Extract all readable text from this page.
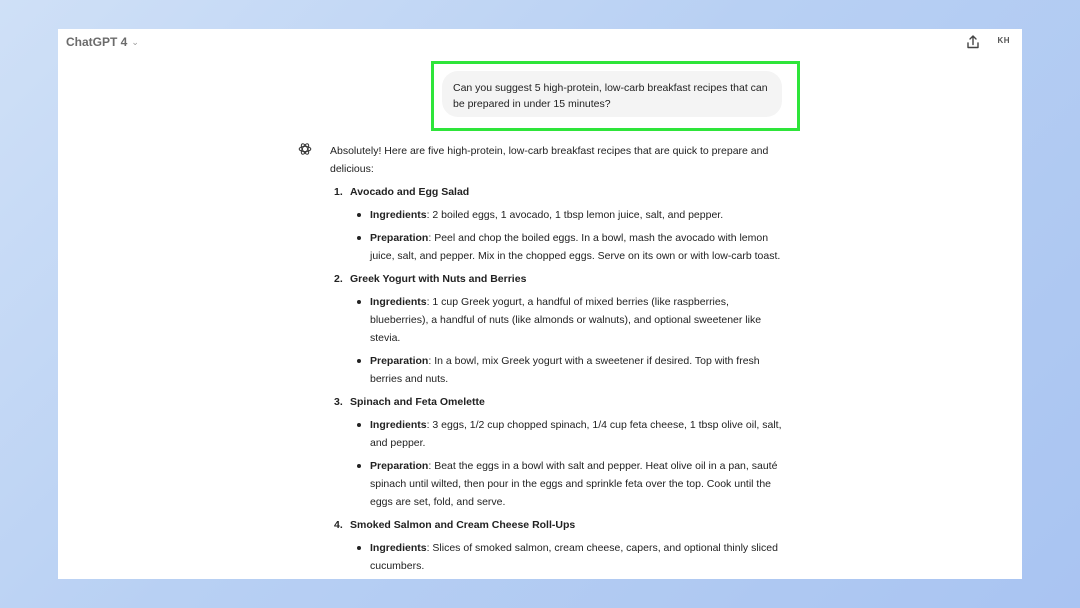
ChatGPT 4 ⌄	KH
Can you suggest 5 high-protein, low-carb breakfast recipes that can be prepared in under 15 minutes?
Absolutely! Here are five high-protein, low-carb breakfast recipes that are quick to prepare and delicious:
1. Avocado and Egg Salad
Ingredients: 2 boiled eggs, 1 avocado, 1 tbsp lemon juice, salt, and pepper.
Preparation: Peel and chop the boiled eggs. In a bowl, mash the avocado with lemon juice, salt, and pepper. Mix in the chopped eggs. Serve on its own or with low-carb toast.
2. Greek Yogurt with Nuts and Berries
Ingredients: 1 cup Greek yogurt, a handful of mixed berries (like raspberries, blueberries), a handful of nuts (like almonds or walnuts), and optional sweetener like stevia.
Preparation: In a bowl, mix Greek yogurt with a sweetener if desired. Top with fresh berries and nuts.
3. Spinach and Feta Omelette
Ingredients: 3 eggs, 1/2 cup chopped spinach, 1/4 cup feta cheese, 1 tbsp olive oil, salt, and pepper.
Preparation: Beat the eggs in a bowl with salt and pepper. Heat olive oil in a pan, sauté spinach until wilted, then pour in the eggs and sprinkle feta over the top. Cook until the eggs are set, fold, and serve.
4. Smoked Salmon and Cream Cheese Roll-Ups
Ingredients: Slices of smoked salmon, cream cheese, capers, and optional thinly sliced cucumbers.
